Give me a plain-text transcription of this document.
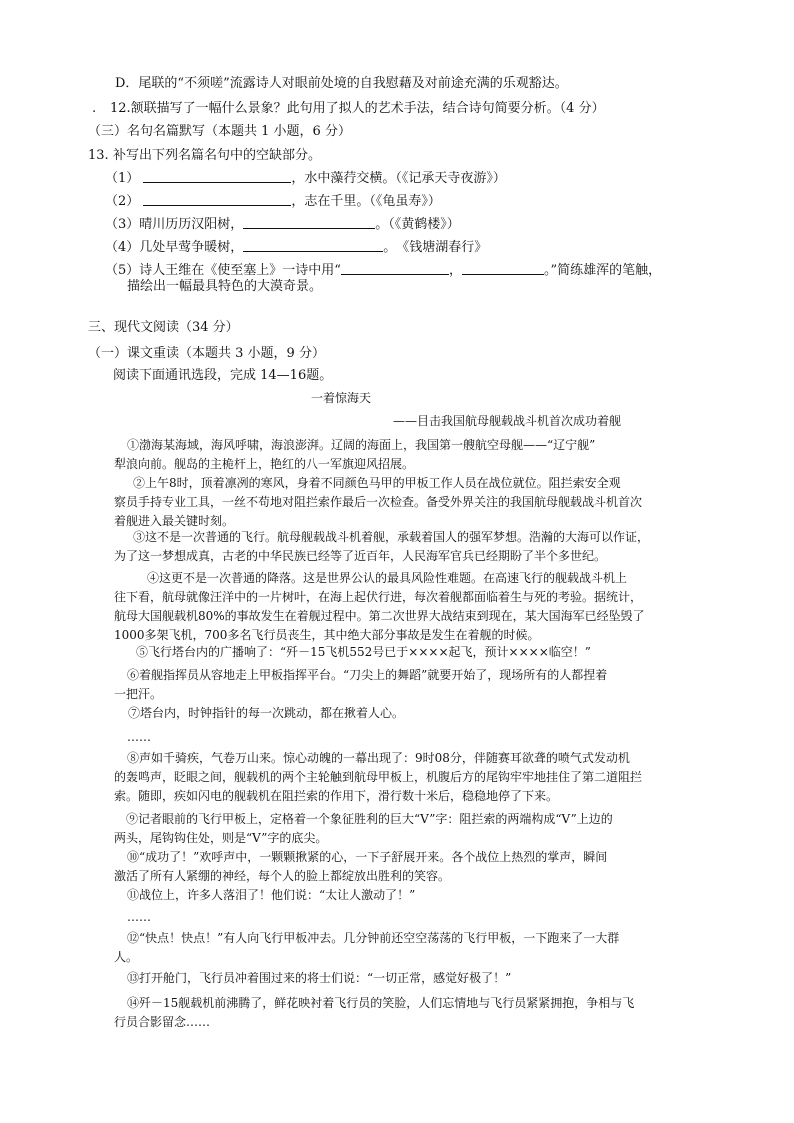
D．尾联的“不须嗟”流露诗人对眼前处境的自我慰藉及对前途充满的乐观豁达。
. 12.颔联描写了一幅什么景象？此句用了拟人的艺术手法，结合诗句简要分析。（4 分）
（三）名句名篇默写（本题共 1 小题，6 分）
13. 补写出下列名篇名句中的空缺部分。
（1）	，水中藻荇交横。（《记承天寺夜游》）
（2）	，志在千里。（《龟虽寿》）
（3）晴川历历汉阳树，	。（《黄鹤楼》）
（4）几处早莺争暖树，	。　《钱塘湖春行》
（5）诗人王维在《使至塞上》一诗中用“	，	。”简练雄浑的笔触，
描绘出一幅最具特色的大漠奇景。
三、现代文阅读（34 分）
（一）课文重读（本题共 3 小题，9 分）
阅读下面通讯选段，完成 14—16题。
一着惊海天
——目击我国航母舰载战斗机首次成功着舰
①渤海某海域，海风呼啸，海浪澎湃。辽阔的海面上，我国第一艘航空母舰——“辽宁舰”
犁浪向前。舰岛的主桅杆上，艳红的八一军旗迎风招展。
②上午8时，顶着凛冽的寒风，身着不同颜色马甲的甲板工作人员在战位就位。阻拦索安全观
察员手持专业工具，一丝不苟地对阻拦索作最后一次检查。备受外界关注的我国航母舰载战斗机首次
着舰进入最关键时刻。
③这不是一次普通的飞行。航母舰载战斗机着舰，承载着国人的强军梦想。浩瀚的大海可以作证，
为了这一梦想成真，古老的中华民族已经等了近百年，人民海军官兵已经期盼了半个多世纪。
④这更不是一次普通的降落。这是世界公认的最具风险性难题。在高速飞行的舰载战斗机上
往下看，航母就像汪洋中的一片树叶，在海上起伏行进，每次着舰都面临着生与死的考验。据统计，
航母大国舰载机80%的事故发生在着舰过程中。第二次世界大战结束到现在，某大国海军已经坠毁了
1000多架飞机，700多名飞行员丧生，其中绝大部分事故是发生在着舰的时候。
⑤飞行塔台内的广播响了：“歼－15飞机552号已于××××起飞，预计××××临空！”
⑥着舰指挥员从容地走上甲板指挥平台。“刀尖上的舞蹈”就要开始了，现场所有的人都捏着
一把汗。
⑦塔台内，时钟指针的每一次跳动，都在揪着人心。
……
⑧声如千骑疾，气卷万山来。惊心动魄的一幕出现了：9时08分，伴随赛耳欲聋的喷气式发动机
的轰鸣声，眨眼之间，舰载机的两个主轮触到航母甲板上，机腹后方的尾钩牢牢地挂住了第二道阻拦
索。随即，疾如闪电的舰载机在阻拦索的作用下，滑行数十米后，稳稳地停了下来。
⑨记者眼前的飞行甲板上，定格着一个象征胜利的巨大“V”字：阻拦索的两端构成“V”上边的
两头，尾钩钩住处，则是“V”字的底尖。
⑩“成功了！”欢呼声中，一颗颗揪紧的心，一下子舒展开来。各个战位上热烈的掌声，瞬间
激活了所有人紧绷的神经，每个人的脸上都绽放出胜利的笑容。
⑪战位上，许多人落泪了！他们说：“太让人激动了！”
……
⑫“快点！快点！”有人向飞行甲板冲去。几分钟前还空空荡荡的飞行甲板，一下跑来了一大群
人。
⑬打开舱门，飞行员冲着围过来的将士们说：“一切正常，感觉好极了！”
⑭歼－15舰载机前沸腾了，鲜花映衬着飞行员的笑脸，人们忘情地与飞行员紧紧拥抱，争相与飞
行员合影留念……
